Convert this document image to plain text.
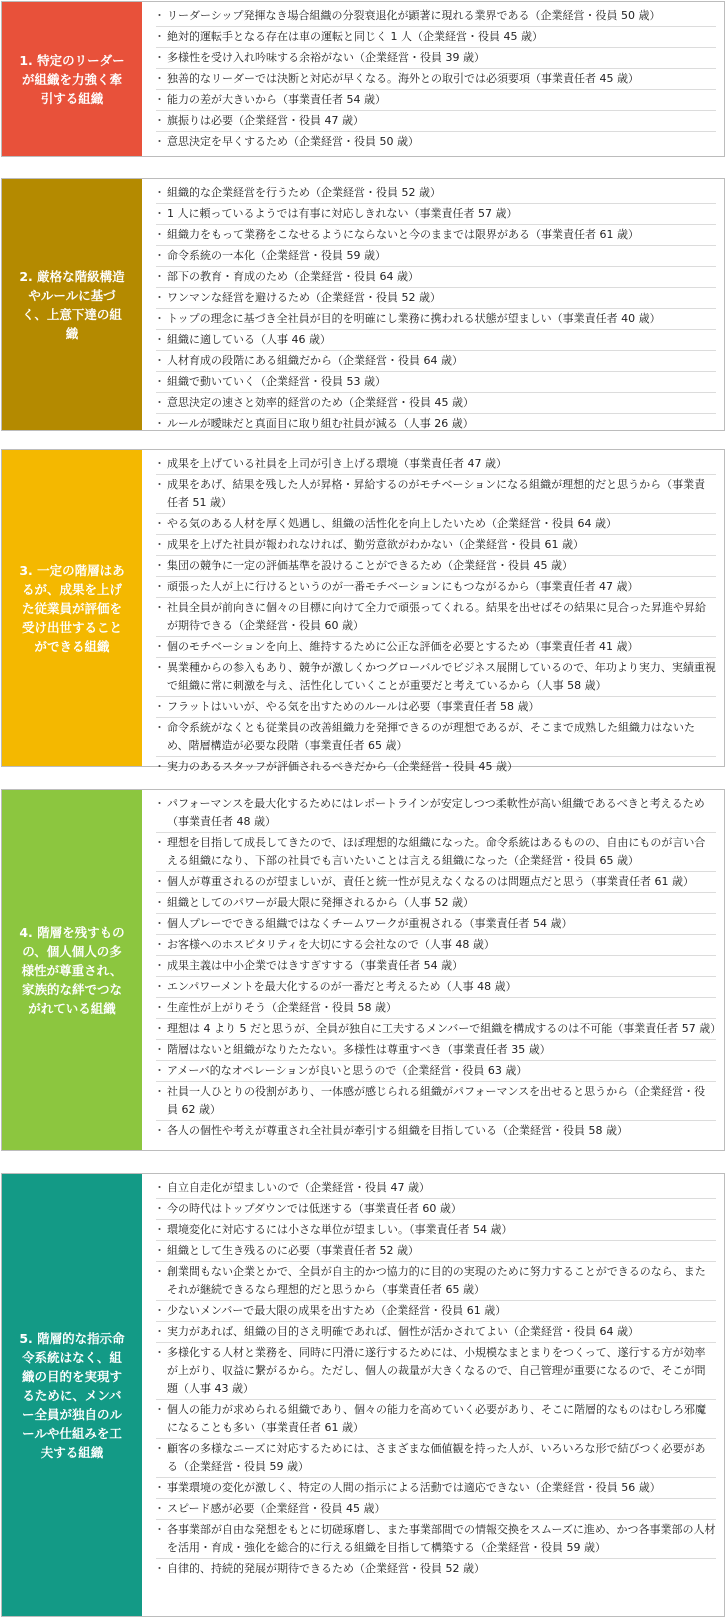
1. 特定のリーダーが組織を力強く牽引する組織
・ リーダーシップ発揮なき場合組織の分裂衰退化が顕著に現れる業界である（企業経営・役員 50 歳）
・ 絶対的運転手となる存在は車の運転と同じく 1 人（企業経営・役員 45 歳）
・ 多様性を受け入れ吟味する余裕がない（企業経営・役員 39 歳）
・ 独善的なリーダーでは決断と対応が早くなる。海外との取引では必須要項（事業責任者 45 歳）
・ 能力の差が大きいから（事業責任者 54 歳）
・ 旗振りは必要（企業経営・役員 47 歳）
・ 意思決定を早くするため（企業経営・役員 50 歳）
2. 厳格な階級構造やルールに基づく、上意下達の組織
・ 組織的な企業経営を行うため（企業経営・役員 52 歳）
・ 1 人に頼っているようでは有事に対応しきれない（事業責任者 57 歳）
・ 組織力をもって業務をこなせるようにならないと今のままでは限界がある（事業責任者 61 歳）
・ 命令系統の一本化（企業経営・役員 59 歳）
・ 部下の教育・育成のため（企業経営・役員 64 歳）
・ ワンマンな経営を避けるため（企業経営・役員 52 歳）
・ トップの理念に基づき全社員が目的を明確にし業務に携われる状態が望ましい（事業責任者 40 歳）
・ 組織に適している（人事 46 歳）
・ 人材育成の段階にある組織だから（企業経営・役員 64 歳）
・ 組織で動いていく（企業経営・役員 53 歳）
・ 意思決定の速さと効率的経営のため（企業経営・役員 45 歳）
・ ルールが曖昧だと真面目に取り組む社員が減る（人事 26 歳）
3. 一定の階層はあるが、成果を上げた従業員が評価を受け出世することができる組織
・ 成果を上げている社員を上司が引き上げる環境（事業責任者 47 歳）
・ 成果をあげ、結果を残した人が昇格・昇給するのがモチベーションになる組織が理想的だと思うから（事業責任者 51 歳）
・ やる気のある人材を厚く処遇し、組織の活性化を向上したいため（企業経営・役員 64 歳）
・ 成果を上げた社員が報われなければ、勤労意欲がわかない（企業経営・役員 61 歳）
・ 集団の競争に一定の評価基準を設けることができるため（企業経営・役員 45 歳）
・ 頑張った人が上に行けるというのが一番モチベーションにもつながるから（事業責任者 47 歳）
・ 社員全員が前向きに個々の目標に向けて全力で頑張ってくれる。結果を出せばその結果に見合った昇進や昇給が期待できる（企業経営・役員 60 歳）
・ 個のモチベーションを向上、維持するために公正な評価を必要とするため（事業責任者 41 歳）
・ 異業種からの参入もあり、競争が激しくかつグローバルでビジネス展開しているので、年功より実力、実績重視で組織に常に刺激を与え、活性化していくことが重要だと考えているから（人事 58 歳）
・ フラットはいいが、やる気を出すためのルールは必要（事業責任者 58 歳）
・ 命令系統がなくとも従業員の改善組織力を発揮できるのが理想であるが、そこまで成熟した組織力はないため、階層構造が必要な段階（事業責任者 65 歳）
・ 実力のあるスタッフが評価されるべきだから（企業経営・役員 45 歳）
4. 階層を残すものの、個人個人の多様性が尊重され、家族的な絆でつながれている組織
・ パフォーマンスを最大化するためにはレポートラインが安定しつつ柔軟性が高い組織であるべきと考えるため（事業責任者 48 歳）
・ 理想を目指して成長してきたので、ほぼ理想的な組織になった。命令系統はあるものの、自由にものが言い合える組織になり、下部の社員でも言いたいことは言える組織になった（企業経営・役員 65 歳）
・ 個人が尊重されるのが望ましいが、責任と統一性が見えなくなるのは問題点だと思う（事業責任者 61 歳）
・ 組織としてのパワーが最大限に発揮されるから（人事 52 歳）
・ 個人プレーでできる組織ではなくチームワークが重視される（事業責任者 54 歳）
・ お客様へのホスピタリティを大切にする会社なので（人事 48 歳）
・ 成果主義は中小企業ではきすぎすする（事業責任者 54 歳）
・ エンパワーメントを最大化するのが一番だと考えるため（人事 48 歳）
・ 生産性が上がりそう（企業経営・役員 58 歳）
・ 理想は 4 より 5 だと思うが、全員が独自に工夫するメンバーで組織を構成するのは不可能（事業責任者 57 歳）
・ 階層はないと組織がなりたたない。多様性は尊重すべき（事業責任者 35 歳）
・ アメーバ的なオペレーションが良いと思うので（企業経営・役員 63 歳）
・ 社員一人ひとりの役割があり、一体感が感じられる組織がパフォーマンスを出せると思うから（企業経営・役員 62 歳）
・ 各人の個性や考えが尊重され全社員が牽引する組織を目指している（企業経営・役員 58 歳）
5. 階層的な指示命令系統はなく、組織の目的を実現するために、メンバー全員が独自のルールや仕組みを工夫する組織
・ 自立自走化が望ましいので（企業経営・役員 47 歳）
・ 今の時代はトップダウンでは低迷する（事業責任者 60 歳）
・ 環境変化に対応するには小さな単位が望ましい。（事業責任者 54 歳）
・ 組織として生き残るのに必要（事業責任者 52 歳）
・ 創業間もない企業とかで、全員が自主的かつ協力的に目的の実現のために努力することができるのなら、またそれが継続できるなら理想的だと思うから（事業責任者 65 歳）
・ 少ないメンバーで最大限の成果を出すため（企業経営・役員 61 歳）
・ 実力があれば、組織の目的さえ明確であれば、個性が活かされてよい（企業経営・役員 64 歳）
・ 多様化する人材と業務を、同時に円滑に遂行するためには、小規模なまとまりをつくって、遂行する方が効率が上がり、収益に繋がるから。ただし、個人の裁量が大きくなるので、自己管理が重要になるので、そこが問題（人事 43 歳）
・ 個人の能力が求められる組織であり、個々の能力を高めていく必要があり、そこに階層的なものはむしろ邪魔になることも多い（事業責任者 61 歳）
・ 顧客の多様なニーズに対応するためには、さまざまな価値観を持った人が、いろいろな形で結びつく必要がある（企業経営・役員 59 歳）
・ 事業環境の変化が激しく、特定の人間の指示による活動では適応できない（企業経営・役員 56 歳）
・ スピード感が必要（企業経営・役員 45 歳）
・ 各事業部が自由な発想をもとに切磋琢磨し、また事業部間での情報交換をスムーズに進め、かつ各事業部の人材を活用・育成・強化を総合的に行える組織を目指して構築する（企業経営・役員 59 歳）
・ 自律的、持続的発展が期待できるため（企業経営・役員 52 歳）
